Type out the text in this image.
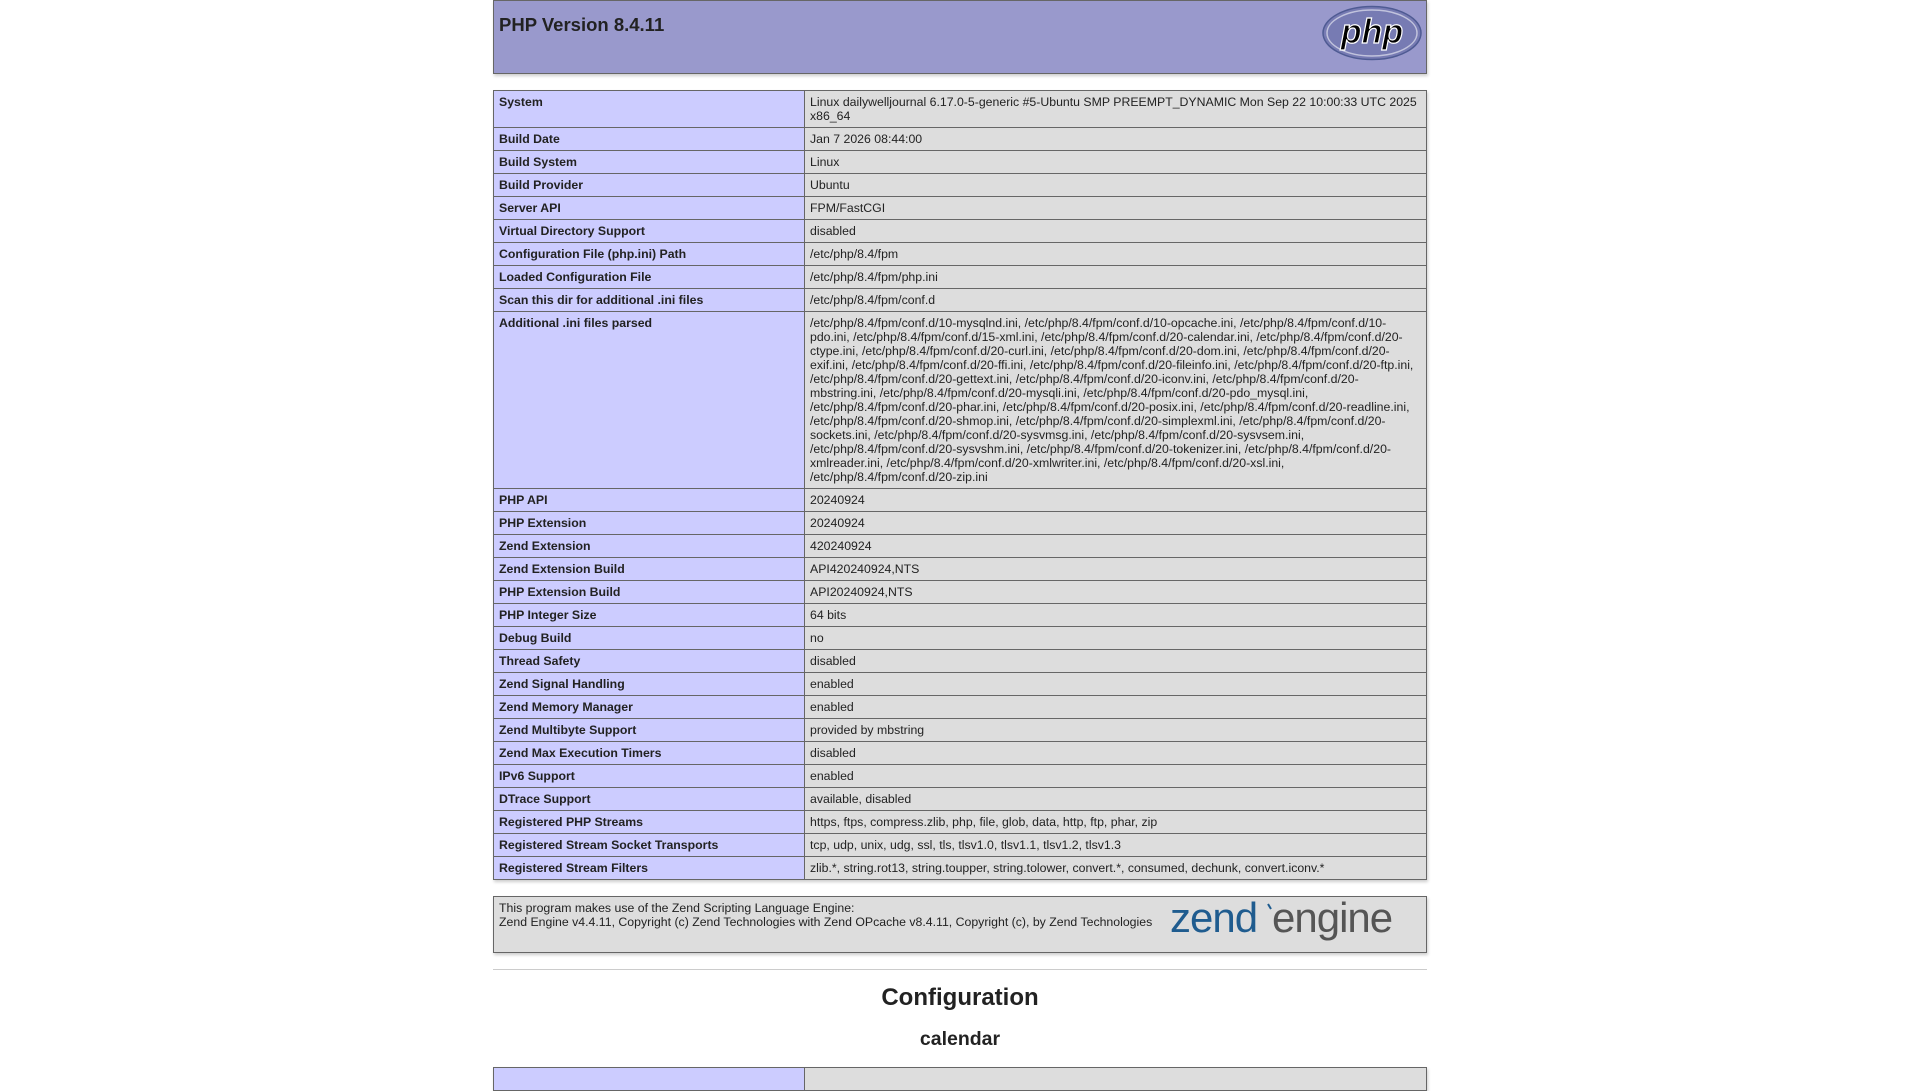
php
PHP Version 8.4.11
System	Linux dailywelljournal 6.17.0-5-generic #5-Ubuntu SMP PREEMPT_DYNAMIC Mon Sep 22 10:00:33 UTC 2025 x86_64
Build Date	Jan 7 2026 08:44:00
Build System	Linux
Build Provider	Ubuntu
Server API	FPM/FastCGI
Virtual Directory Support	disabled
Configuration File (php.ini) Path	/etc/php/8.4/fpm
Loaded Configuration File	/etc/php/8.4/fpm/php.ini
Scan this dir for additional .ini files	/etc/php/8.4/fpm/conf.d
Additional .ini files parsed	/etc/php/8.4/fpm/conf.d/10-mysqlnd.ini, /etc/php/8.4/fpm/conf.d/10-opcache.ini, /etc/php/8.4/fpm/conf.d/10-pdo.ini, /etc/php/8.4/fpm/conf.d/15-xml.ini, /etc/php/8.4/fpm/conf.d/20-calendar.ini, /etc/php/8.4/fpm/conf.d/20-ctype.ini, /etc/php/8.4/fpm/conf.d/20-curl.ini, /etc/php/8.4/fpm/conf.d/20-dom.ini, /etc/php/8.4/fpm/conf.d/20-exif.ini, /etc/php/8.4/fpm/conf.d/20-ffi.ini, /etc/php/8.4/fpm/conf.d/20-fileinfo.ini, /etc/php/8.4/fpm/conf.d/20-ftp.ini, /etc/php/8.4/fpm/conf.d/20-gettext.ini, /etc/php/8.4/fpm/conf.d/20-iconv.ini, /etc/php/8.4/fpm/conf.d/20-mbstring.ini, /etc/php/8.4/fpm/conf.d/20-mysqli.ini, /etc/php/8.4/fpm/conf.d/20-pdo_mysql.ini, /etc/php/8.4/fpm/conf.d/20-phar.ini, /etc/php/8.4/fpm/conf.d/20-posix.ini, /etc/php/8.4/fpm/conf.d/20-readline.ini, /etc/php/8.4/fpm/conf.d/20-shmop.ini, /etc/php/8.4/fpm/conf.d/20-simplexml.ini, /etc/php/8.4/fpm/conf.d/20-sockets.ini, /etc/php/8.4/fpm/conf.d/20-sysvmsg.ini, /etc/php/8.4/fpm/conf.d/20-sysvsem.ini, /etc/php/8.4/fpm/conf.d/20-sysvshm.ini, /etc/php/8.4/fpm/conf.d/20-tokenizer.ini, /etc/php/8.4/fpm/conf.d/20-xmlreader.ini, /etc/php/8.4/fpm/conf.d/20-xmlwriter.ini, /etc/php/8.4/fpm/conf.d/20-xsl.ini, /etc/php/8.4/fpm/conf.d/20-zip.ini
PHP API	20240924
PHP Extension	20240924
Zend Extension	420240924
Zend Extension Build	API420240924,NTS
PHP Extension Build	API20240924,NTS
PHP Integer Size	64 bits
Debug Build	no
Thread Safety	disabled
Zend Signal Handling	enabled
Zend Memory Manager	enabled
Zend Multibyte Support	provided by mbstring
Zend Max Execution Timers	disabled
IPv6 Support	enabled
DTrace Support	available, disabled
Registered PHP Streams	https, ftps, compress.zlib, php, file, glob, data, http, ftp, phar, zip
Registered Stream Socket Transports	tcp, udp, unix, udg, ssl, tls, tlsv1.0, tlsv1.1, tlsv1.2, tlsv1.3
Registered Stream Filters	zlib.*, string.rot13, string.toupper, string.tolower, convert.*, consumed, dechunk, convert.iconv.*
zend engine
This program makes use of the Zend Scripting Language Engine:
Zend Engine v4.4.11, Copyright (c) Zend Technologies with Zend OPcache v8.4.11, Copyright (c), by Zend Technologies
Configuration
calendar
